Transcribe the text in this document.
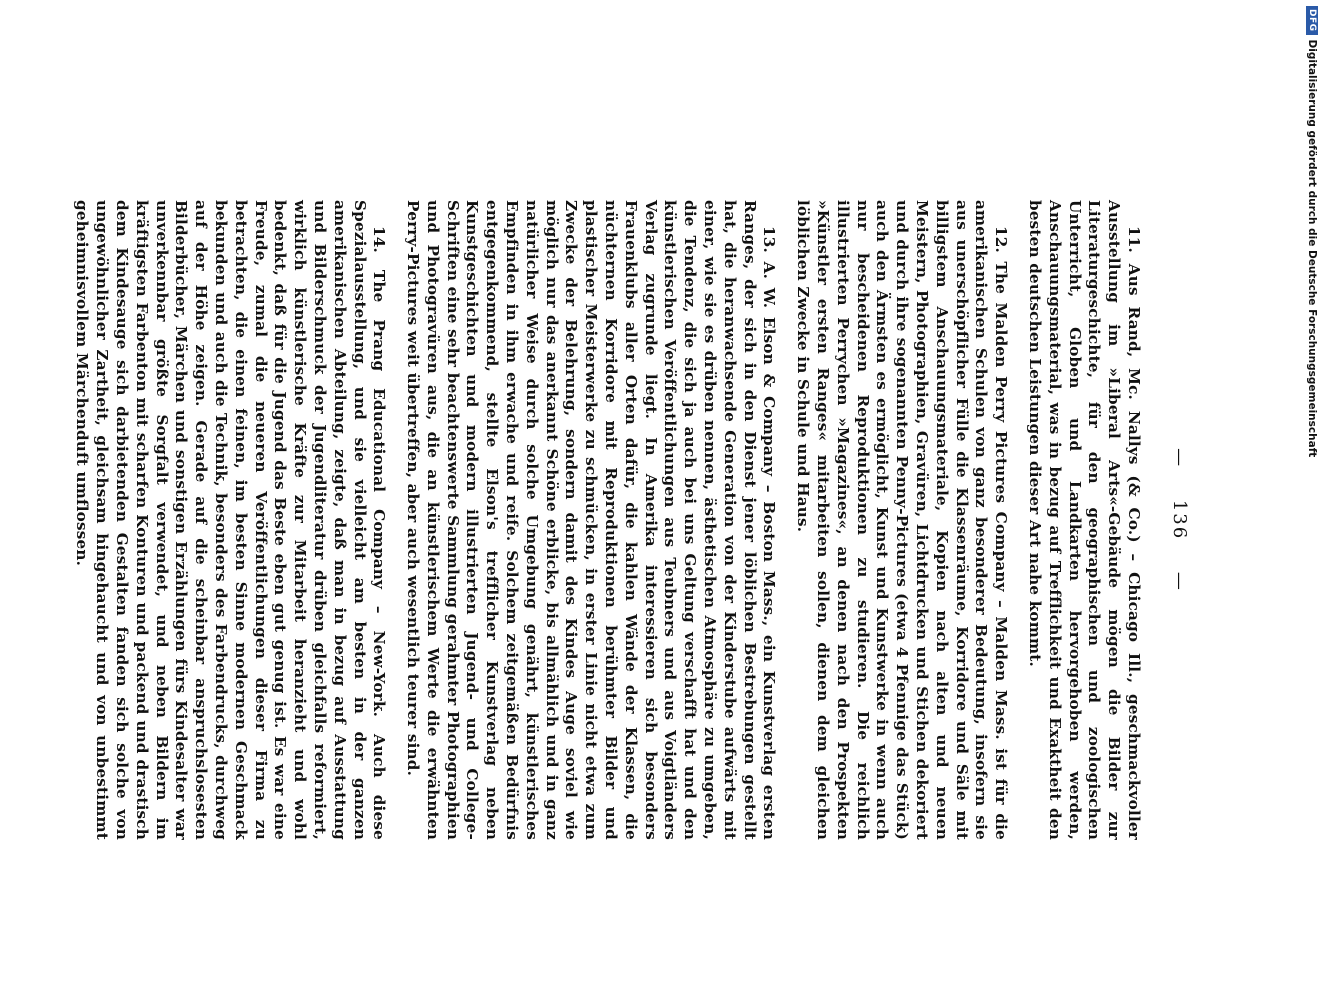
— 136 —

11. Aus Rand, Mc. Nallys (& Co.) – Chicago Ill., geschmackvoller Ausstellung im »Liberal Arts«-Gebäude mögen die Bilder zur Literaturgeschichte, für den geographischen und zoologischen Unterricht, Globen und Landkarten hervorgehoben werden, Anschauungsmaterial, was in bezug auf Trefflichkeit und Exaktheit den besten deutschen Leistungen dieser Art nahe kommt.

12. The Malden Perry Pictures Company – Malden Mass. ist für die amerikanischen Schulen von ganz besonderer Bedeutung, insofern sie aus unerschöpflicher Fülle die Klassenräume, Korridore und Säle mit billigstem Anschauungsmateriale, Kopien nach alten und neuen Meistern, Photographien, Gravüren, Lichtdrucken und Stichen dekoriert und durch ihre sogenannten Penny-Pictures (etwa 4 Pfennige das Stück) auch den Ärmsten es ermöglicht, Kunst und Kunstwerke in wenn auch nur bescheidenen Reproduktionen zu studieren. Die reichlich illustrierten Perrychen »Magazines«, an denen nach den Prospekten »Künstler ersten Ranges« mitarbeiten sollen, dienen dem gleichen löblichen Zwecke in Schule und Haus.

13. A. W. Elson & Company – Boston Mass., ein Kunstverlag ersten Ranges, der sich in den Dienst jener löblichen Bestrebungen gestellt hat, die heranwachsende Generation von der Kinderstube aufwärts mit einer, wie sie es drüben nennen, ästhetischen Atmosphäre zu umgeben, die Tendenz, die sich ja auch bei uns Geltung verschafft hat und den künstlerischen Veröffentlichungen aus Teubners und aus Voigtländers Verlag zugrunde liegt. In Amerika interessieren sich besonders Frauenklubs aller Orten dafür, die kahlen Wände der Klassen, die nüchternen Korridore mit Reproduktionen berühmter Bilder und plastischer Meisterwerke zu schmücken, in erster Linie nicht etwa zum Zwecke der Belehrung, sondern damit des Kindes Auge soviel wie möglich nur das anerkannt Schöne erblicke, bis allmählich und in ganz natürlicher Weise durch solche Umgebung genährt, künstlerisches Empfinden in ihm erwache und reife. Solchem zeitgemäßen Bedürfnis entgegenkommend, stellte Elson's trefflicher Kunstverlag neben Kunstgeschichten und modern illustrierten Jugend- und College-Schriften eine sehr beachtenswerte Sammlung gerahmter Photographien und Photogravüren aus, die an künstlerischem Werte die erwähnten Perry-Pictures weit übertreffen, aber auch wesentlich teurer sind.

14. The Prang Educational Company – New-York. Auch diese Spezialausstellung, und sie vielleicht am besten in der ganzen amerikanischen Abteilung, zeigte, daß man in bezug auf Ausstattung und Bilderschmuck der Jugendliteratur drüben gleichfalls reformiert, wirklich künstlerische Kräfte zur Mitarbeit heranzieht und wohl bedenkt, daß für die Jugend das Beste eben gut genug ist. Es war eine Freude, zumal die neueren Veröffentlichungen dieser Firma zu betrachten, die einen feinen, im besten Sinne modernen Geschmack bekunden und auch die Technik, besonders des Farbendrucks, durchweg auf der Höhe zeigen. Gerade auf die scheinbar anspruchslosesten Bilderbücher, Märchen und sonstigen Erzählungen fürs Kindesalter war unverkennbar größte Sorgfalt verwendet, und neben Bildern im kräftigsten Farbenton mit scharfen Konturen und packend und drastisch dem Kindesauge sich darbietenden Gestalten fanden sich solche von ungewöhnlicher Zartheit, gleichsam hingehaucht und von unbestimmt geheimnisvollem Märchenduft umflossen.

DFG
Digitalisierung gefördert durch die Deutsche Forschungsgemeinschaft
